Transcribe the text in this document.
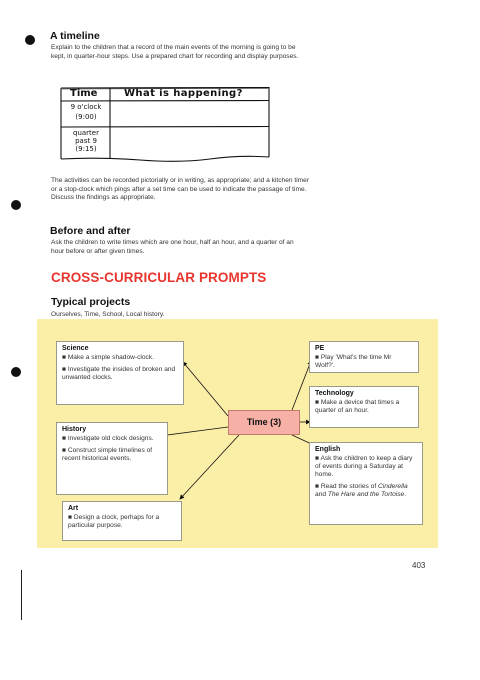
A timeline

Explain to the children that a record of the main events of the morning is going to be kept, in quarter-hour steps. Use a prepared chart for recording and display purposes.

Time	What is happening?
9 o'clock
(9:00)
quarter
past 9
(9:15)

The activities can be recorded pictorially or in writing, as appropriate; and a kitchen timer or a stop-clock which pings after a set time can be used to indicate the passage of time. Discuss the findings as appropriate.

Before and after

Ask the children to write times which are one hour, half an hour, and a quarter of an hour before or after given times.

CROSS-CURRICULAR PROMPTS
Typical projects

Ourselves, Time, School, Local history.

Science
■ Make a simple shadow-clock.
■ Investigate the insides of broken and unwanted clocks.
History
■ Investigate old clock designs.
■ Construct simple timelines of recent historical events.
Art
■ Design a clock, perhaps for a particular purpose.
Time (3)
PE
■ Play 'What's the time Mr Wolf?'.
Technology
■ Make a device that times a quarter of an hour.
English
■ Ask the children to keep a diary of events during a Saturday at home.
■ Read the stories of Cinderella and The Hare and the Tortoise.
403
